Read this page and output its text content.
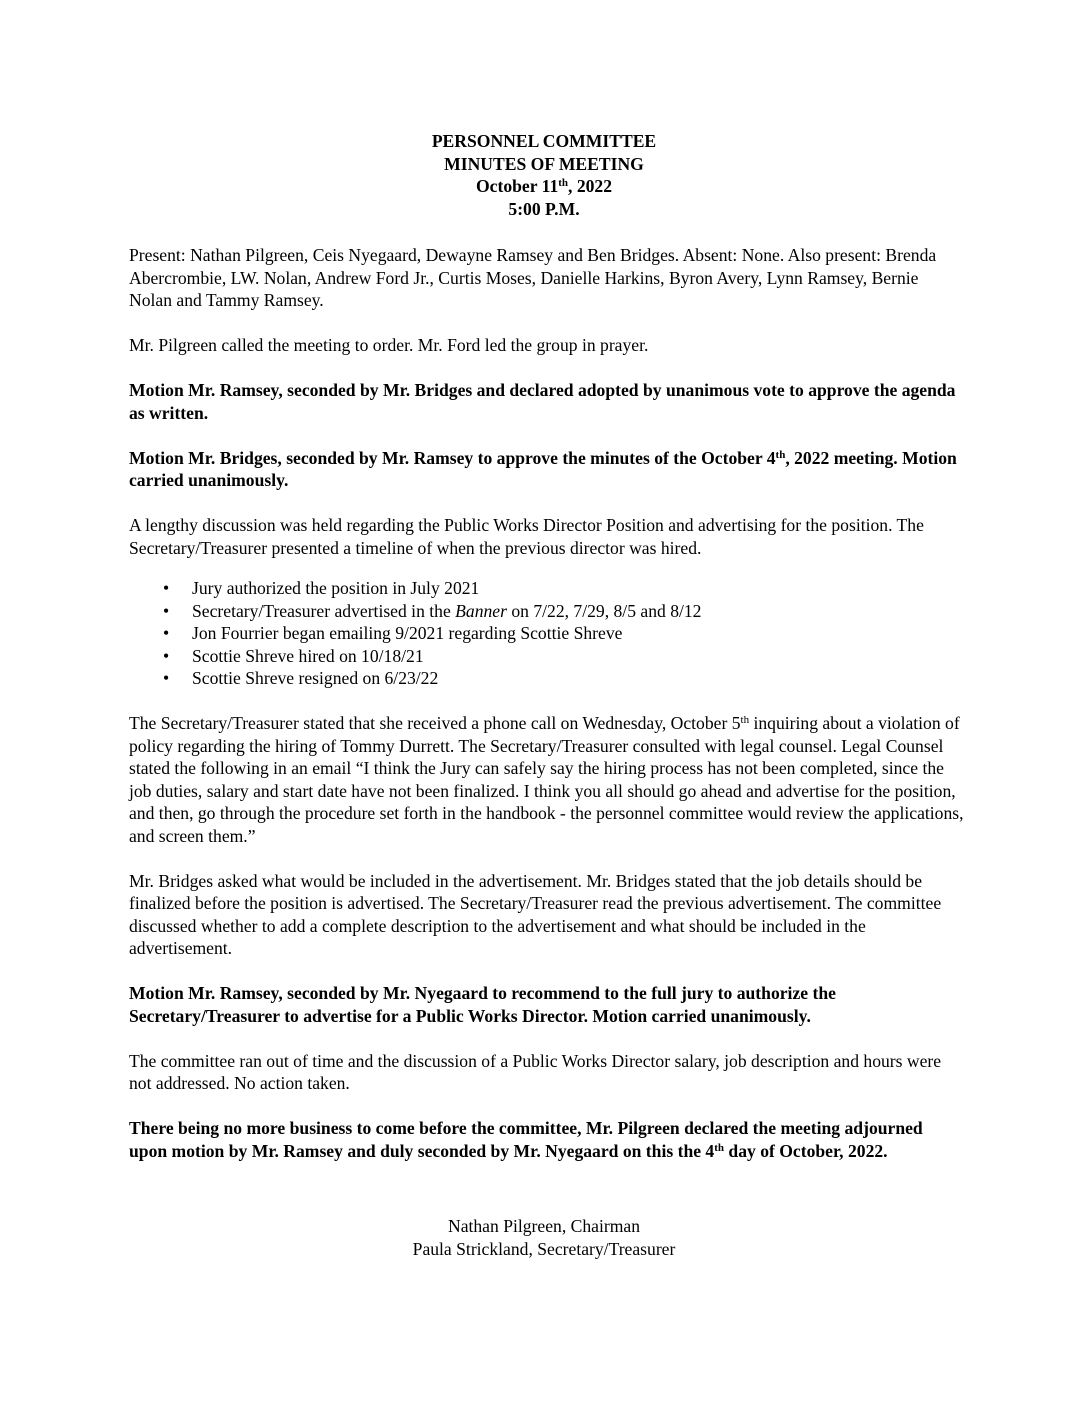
PERSONNEL COMMITTEE
MINUTES OF MEETING
October 11th, 2022
5:00 P.M.

Present: Nathan Pilgreen, Ceis Nyegaard, Dewayne Ramsey and Ben Bridges. Absent: None. Also present: Brenda Abercrombie, LW. Nolan, Andrew Ford Jr., Curtis Moses, Danielle Harkins, Byron Avery, Lynn Ramsey, Bernie Nolan and Tammy Ramsey.

Mr. Pilgreen called the meeting to order. Mr. Ford led the group in prayer.

Motion Mr. Ramsey, seconded by Mr. Bridges and declared adopted by unanimous vote to approve the agenda as written.

Motion Mr. Bridges, seconded by Mr. Ramsey to approve the minutes of the October 4th, 2022 meeting. Motion carried unanimously.

A lengthy discussion was held regarding the Public Works Director Position and advertising for the position. The Secretary/Treasurer presented a timeline of when the previous director was hired.

• Jury authorized the position in July 2021
• Secretary/Treasurer advertised in the Banner on 7/22, 7/29, 8/5 and 8/12
• Jon Fourrier began emailing 9/2021 regarding Scottie Shreve
• Scottie Shreve hired on 10/18/21
• Scottie Shreve resigned on 6/23/22

The Secretary/Treasurer stated that she received a phone call on Wednesday, October 5th inquiring about a violation of policy regarding the hiring of Tommy Durrett. The Secretary/Treasurer consulted with legal counsel. Legal Counsel stated the following in an email “I think the Jury can safely say the hiring process has not been completed, since the job duties, salary and start date have not been finalized. I think you all should go ahead and advertise for the position, and then, go through the procedure set forth in the handbook - the personnel committee would review the applications, and screen them.”

Mr. Bridges asked what would be included in the advertisement. Mr. Bridges stated that the job details should be finalized before the position is advertised. The Secretary/Treasurer read the previous advertisement. The committee discussed whether to add a complete description to the advertisement and what should be included in the advertisement.

Motion Mr. Ramsey, seconded by Mr. Nyegaard to recommend to the full jury to authorize the Secretary/Treasurer to advertise for a Public Works Director. Motion carried unanimously.

The committee ran out of time and the discussion of a Public Works Director salary, job description and hours were not addressed. No action taken.

There being no more business to come before the committee, Mr. Pilgreen declared the meeting adjourned upon motion by Mr. Ramsey and duly seconded by Mr. Nyegaard on this the 4th day of October, 2022.

Nathan Pilgreen, Chairman
Paula Strickland, Secretary/Treasurer
